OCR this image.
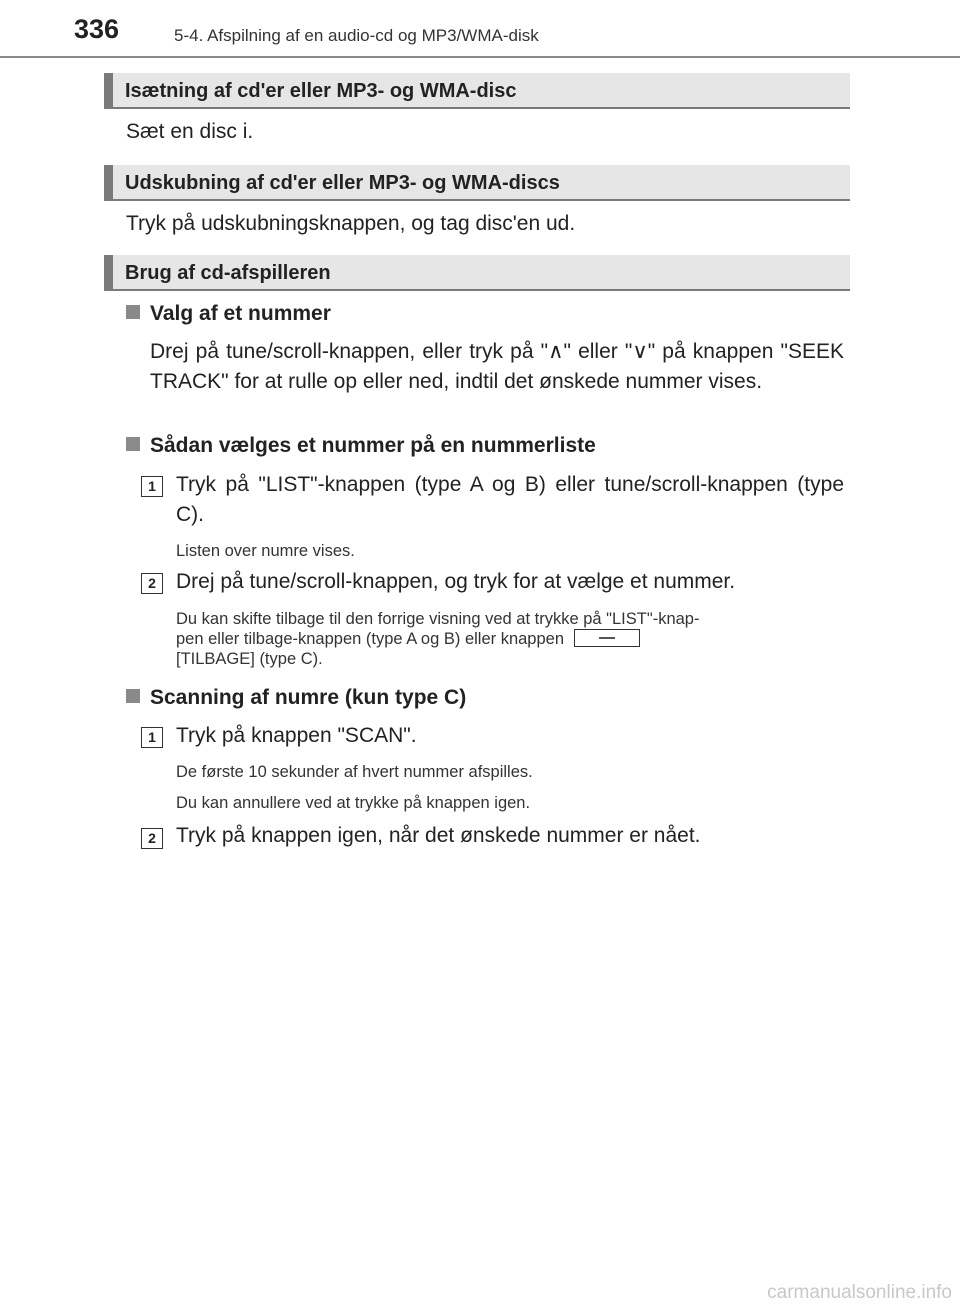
336	5-4. Afspilning af en audio-cd og MP3/WMA-disk
Isætning af cd'er eller MP3- og WMA-disc
Sæt en disc i.
Udskubning af cd'er eller MP3- og WMA-discs
Tryk på udskubningsknappen, og tag disc'en ud.
Brug af cd-afspilleren
Valg af et nummer
Drej på tune/scroll-knappen, eller tryk på "∧" eller "∨" på knappen "SEEK TRACK" for at rulle op eller ned, indtil det ønskede nummer vises.
Sådan vælges et nummer på en nummerliste
1 Tryk på "LIST"-knappen (type A og B) eller tune/scroll-knappen (type C).
Listen over numre vises.
2 Drej på tune/scroll-knappen, og tryk for at vælge et nummer.
Du kan skifte tilbage til den forrige visning ved at trykke på "LIST"-knap-
pen eller tilbage-knappen (type A og B) eller knappen
[TILBAGE] (type C).
Scanning af numre (kun type C)
1 Tryk på knappen "SCAN".
De første 10 sekunder af hvert nummer afspilles.
Du kan annullere ved at trykke på knappen igen.
2 Tryk på knappen igen, når det ønskede nummer er nået.
carmanualsonline.info
